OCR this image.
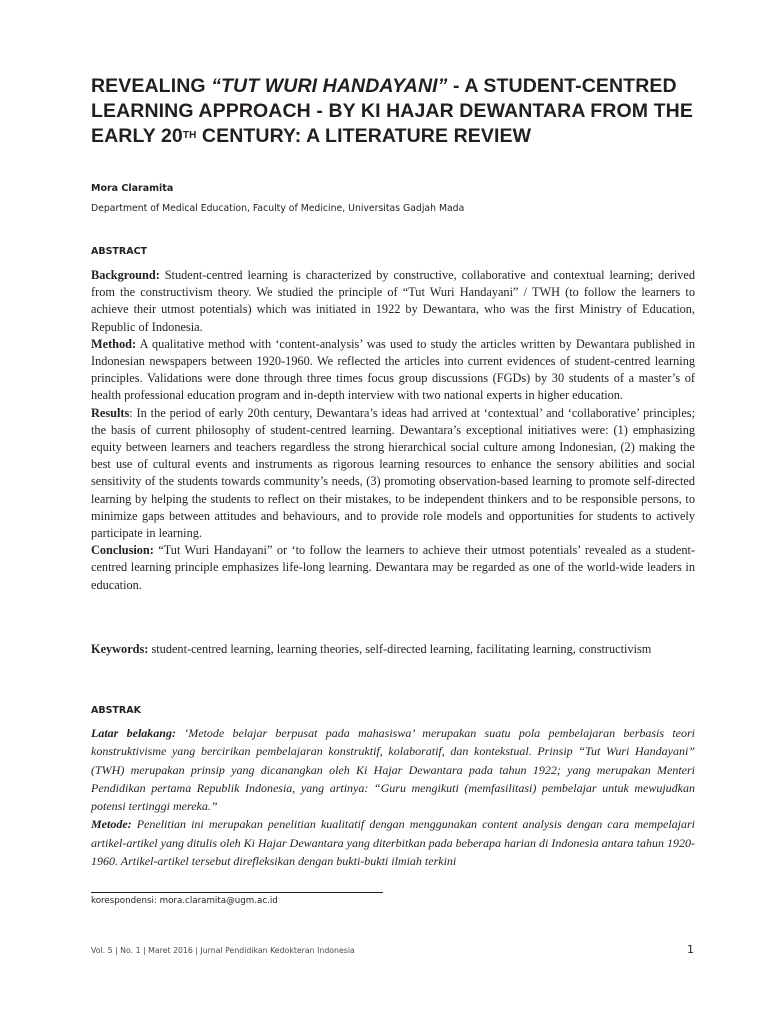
REVEALING “TUT WURI HANDAYANI” - A STUDENT-CENTRED
LEARNING APPROACH - BY KI HAJAR DEWANTARA FROM THE
EARLY 20TH CENTURY: A LITERATURE REVIEW
Mora Claramita
Department of Medical Education, Faculty of Medicine, Universitas Gadjah Mada
ABSTRACT
Background: Student-centred learning is characterized by constructive, collaborative and contextual learning; derived from the constructivism theory. We studied the principle of “Tut Wuri Handayani” / TWH (to follow the learners to achieve their utmost potentials) which was initiated in 1922 by Dewantara, who was the first Ministry of Education, Republic of Indonesia.
Method: A qualitative method with ‘content-analysis’ was used to study the articles written by Dewantara published in Indonesian newspapers between 1920-1960. We reflected the articles into current evidences of student-centred learning principles. Validations were done through three times focus group discussions (FGDs) by 30 students of a master’s of health professional education program and in-depth interview with two national experts in higher education.
Results: In the period of early 20th century, Dewantara’s ideas had arrived at ‘contextual’ and ‘collaborative’ principles; the basis of current philosophy of student-centred learning. Dewantara’s exceptional initiatives were: (1) emphasizing equity between learners and teachers regardless the strong hierarchical social culture among Indonesian, (2) making the best use of cultural events and instruments as rigorous learning resources to enhance the sensory abilities and social sensitivity of the students towards community’s needs, (3) promoting observation-based learning to promote self-directed learning by helping the students to reflect on their mistakes, to be independent thinkers and to be responsible persons, to minimize gaps between attitudes and behaviours, and to provide role models and opportunities for students to actively participate in learning.
Conclusion: “Tut Wuri Handayani” or ‘to follow the learners to achieve their utmost potentials’ revealed as a student-centred learning principle emphasizes life-long learning. Dewantara may be regarded as one of the world-wide leaders in education.
Keywords: student-centred learning, learning theories, self-directed learning, facilitating learning, constructivism
ABSTRAK
Latar belakang: ‘Metode belajar berpusat pada mahasiswa’ merupakan suatu pola pembelajaran berbasis teori konstruktivisme yang bercirikan pembelajaran konstruktif, kolaboratif, dan kontekstual. Prinsip “Tut Wuri Handayani” (TWH) merupakan prinsip yang dicanangkan oleh Ki Hajar Dewantara pada tahun 1922; yang merupakan Menteri Pendidikan pertama Republik Indonesia, yang artinya: “Guru mengikuti (memfasilitasi) pembelajar untuk mewujudkan potensi tertinggi mereka.”
Metode: Penelitian ini merupakan penelitian kualitatif dengan menggunakan content analysis dengan cara mempelajari artikel-artikel yang ditulis oleh Ki Hajar Dewantara yang diterbitkan pada beberapa harian di Indonesia antara tahun 1920-1960. Artikel-artikel tersebut direfleksikan dengan bukti-bukti ilmiah terkini
korespondensi: mora.claramita@ugm.ac.id
Vol. 5 | No. 1 | Maret 2016 | Jurnal Pendidikan Kedokteran Indonesia	1
